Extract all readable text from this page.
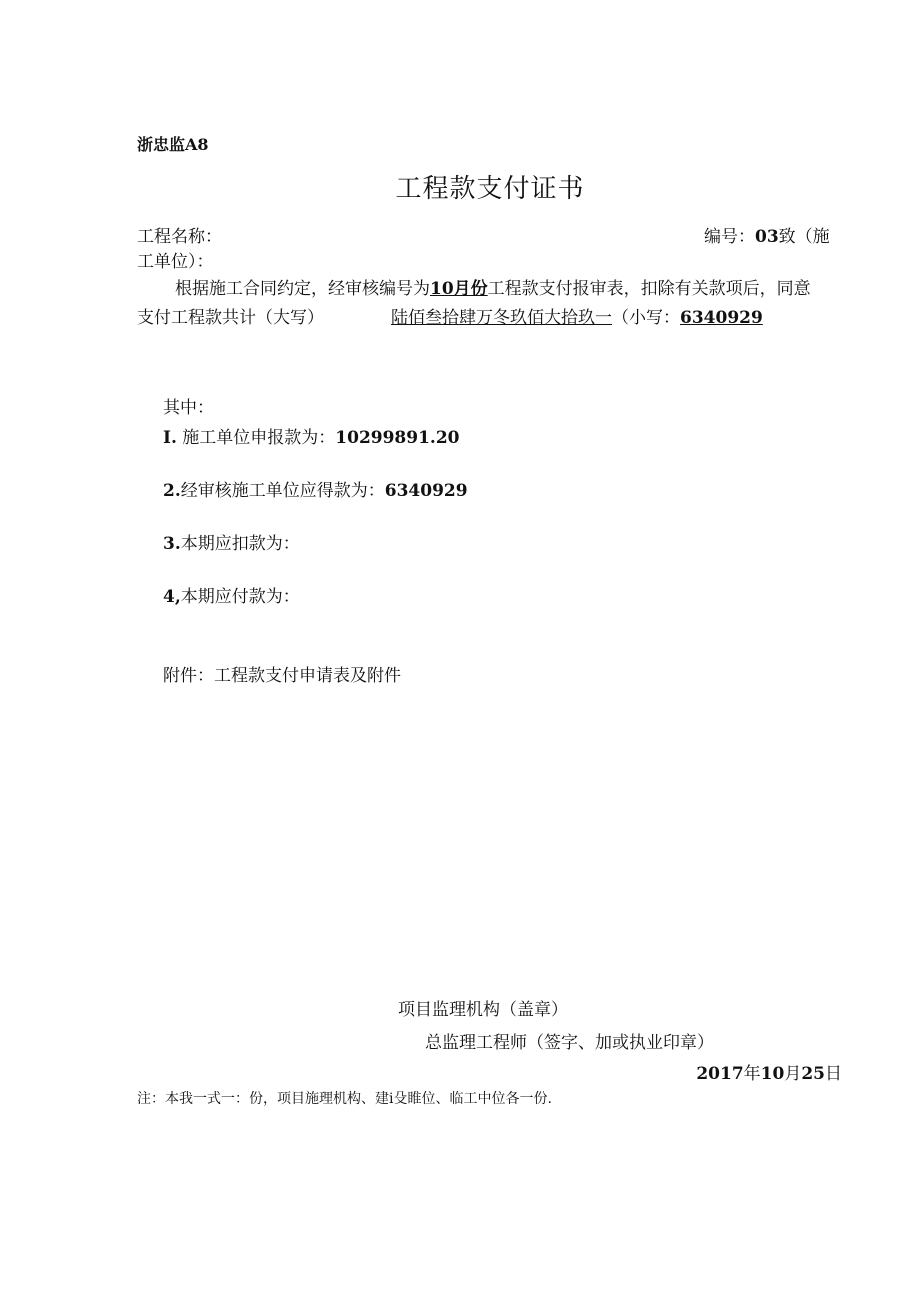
浙忠监A8
工程款支付证书
工程名称：	编号：03致（施
工单位）：
根据施工合同约定，经审核编号为10月份工程款支付报审表，扣除有关款项后，同意
支付工程款共计（大写）	陆佰叁拾肆万冬玖佰大拾玖一（小写：6340929
其中：
I. 施工单位申报款为：10299891.20
2.经审核施工单位应得款为：6340929
3.本期应扣款为：
4,本期应付款为：
附件：工程款支付申请表及附件
项目监理机构（盖章）
总监理工程师（签字、加或执业印章）
2017年10月25日
注：本我一式一：份，项目施理机构、建i殳睢位、临工中位各一份.
